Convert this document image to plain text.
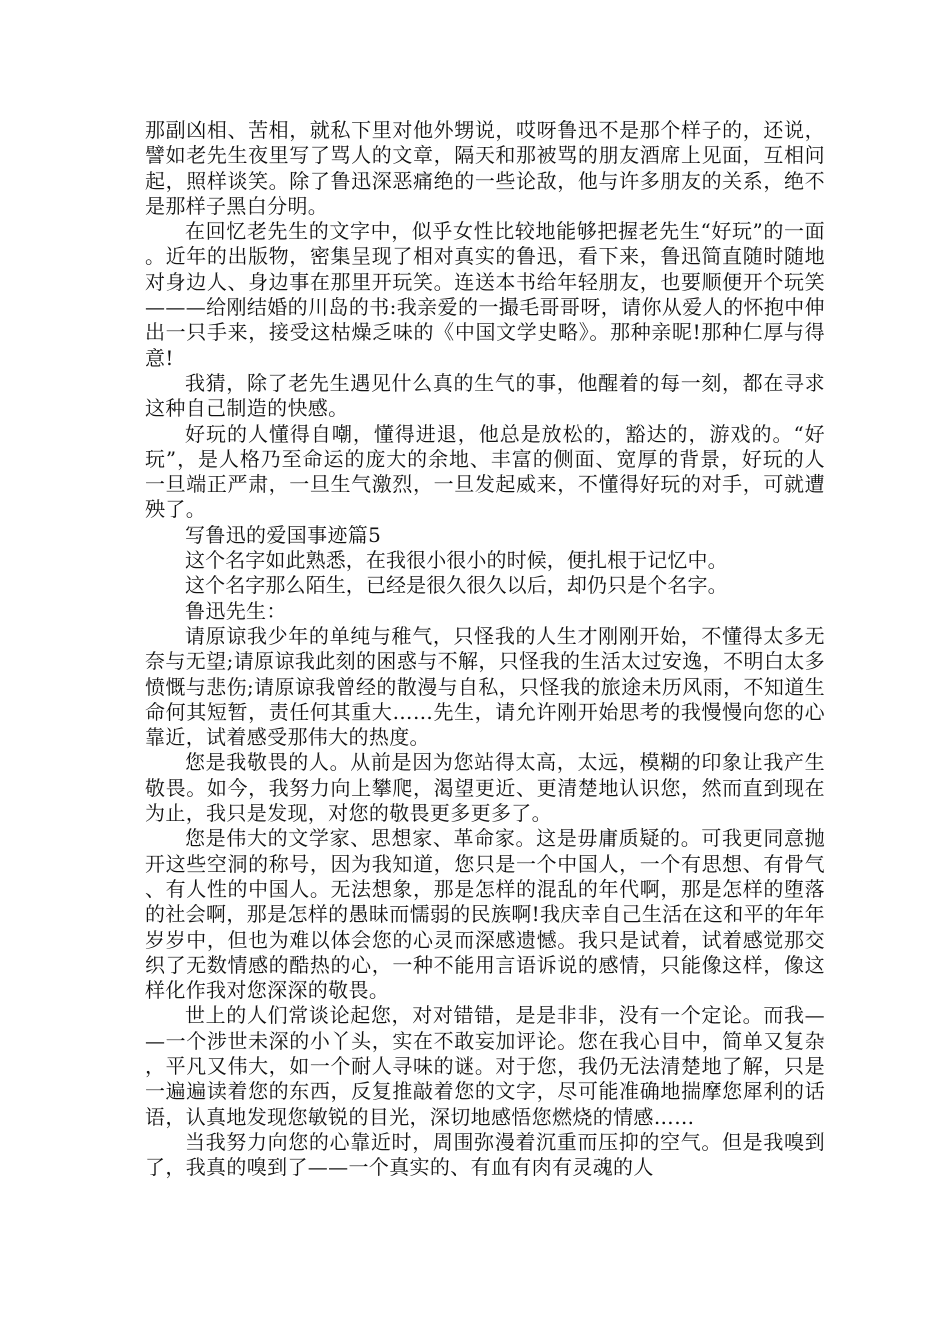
那副凶相、苦相，就私下里对他外甥说，哎呀鲁迅不是那个样子的，还说，譬如老先生夜里写了骂人的文章，隔天和那被骂的朋友酒席上见面，互相问起，照样谈笑。除了鲁迅深恶痛绝的一些论敌，他与许多朋友的关系，绝不是那样子黑白分明。

在回忆老先生的文字中，似乎女性比较地能够把握老先生“好玩”的一面。近年的出版物，密集呈现了相对真实的鲁迅，看下来，鲁迅简直随时随地对身边人、身边事在那里开玩笑。连送本书给年轻朋友，也要顺便开个玩笑———给刚结婚的川岛的书:我亲爱的一撮毛哥哥呀，请你从爱人的怀抱中伸出一只手来，接受这枯燥乏味的《中国文学史略》。那种亲昵!那种仁厚与得意!

我猜，除了老先生遇见什么真的生气的事，他醒着的每一刻，都在寻求这种自己制造的快感。

好玩的人懂得自嘲，懂得进退，他总是放松的，豁达的，游戏的。“好玩”，是人格乃至命运的庞大的余地、丰富的侧面、宽厚的背景，好玩的人一旦端正严肃，一旦生气激烈，一旦发起威来，不懂得好玩的对手，可就遭殃了。

写鲁迅的爱国事迹篇5

这个名字如此熟悉，在我很小很小的时候，便扎根于记忆中。

这个名字那么陌生，已经是很久很久以后，却仍只是个名字。

鲁迅先生：

请原谅我少年的单纯与稚气，只怪我的人生才刚刚开始，不懂得太多无奈与无望;请原谅我此刻的困惑与不解，只怪我的生活太过安逸，不明白太多愤慨与悲伤;请原谅我曾经的散漫与自私，只怪我的旅途未历风雨，不知道生命何其短暂，责任何其重大……先生，请允许刚开始思考的我慢慢向您的心靠近，试着感受那伟大的热度。

您是我敬畏的人。从前是因为您站得太高，太远，模糊的印象让我产生敬畏。如今，我努力向上攀爬，渴望更近、更清楚地认识您，然而直到现在为止，我只是发现，对您的敬畏更多更多了。

您是伟大的文学家、思想家、革命家。这是毋庸质疑的。可我更同意抛开这些空洞的称号，因为我知道，您只是一个中国人，一个有思想、有骨气、有人性的中国人。无法想象，那是怎样的混乱的年代啊，那是怎样的堕落的社会啊，那是怎样的愚昧而懦弱的民族啊!我庆幸自己生活在这和平的年年岁岁中，但也为难以体会您的心灵而深感遗憾。我只是试着，试着感觉那交织了无数情感的酷热的心，一种不能用言语诉说的感情，只能像这样，像这样化作我对您深深的敬畏。

世上的人们常谈论起您，对对错错，是是非非，没有一个定论。而我——一个涉世未深的小丫头，实在不敢妄加评论。您在我心目中，简单又复杂，平凡又伟大，如一个耐人寻味的谜。对于您，我仍无法清楚地了解，只是一遍遍读着您的东西，反复推敲着您的文字，尽可能准确地揣摩您犀利的话语，认真地发现您敏锐的目光，深切地感悟您燃烧的情感……

当我努力向您的心靠近时，周围弥漫着沉重而压抑的空气。但是我嗅到了，我真的嗅到了——一个真实的、有血有肉有灵魂的人
